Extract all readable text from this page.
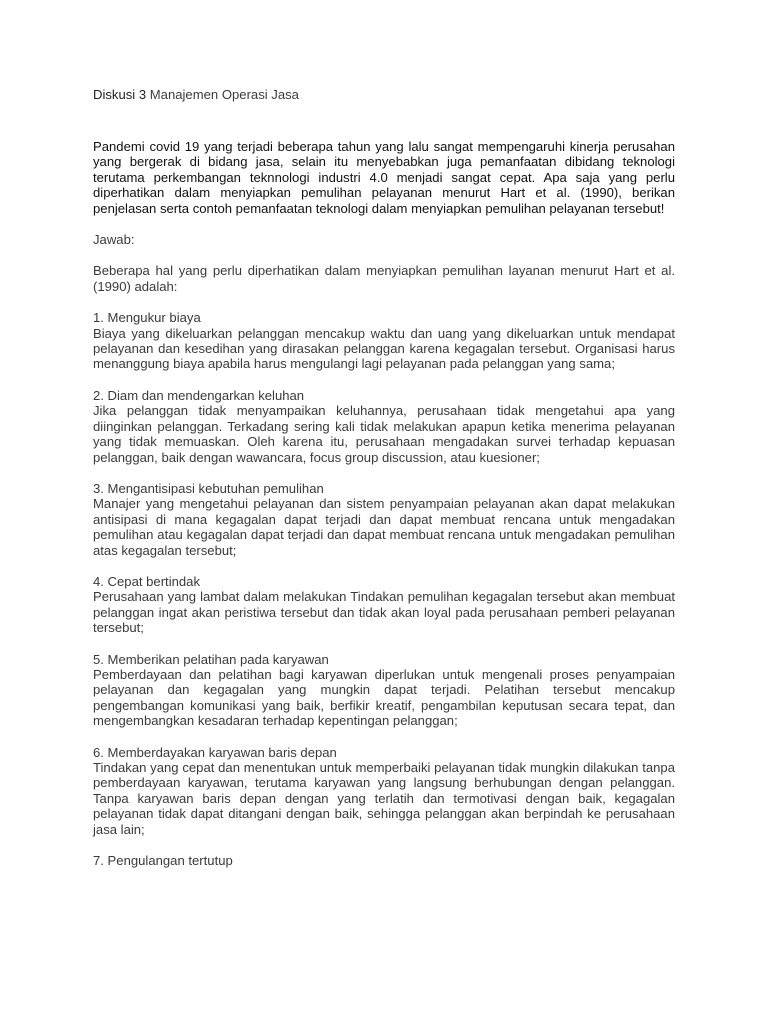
Diskusi 3 Manajemen Operasi Jasa

Pandemi covid 19 yang terjadi beberapa tahun yang lalu sangat mempengaruhi kinerja perusahan yang bergerak di bidang jasa, selain itu menyebabkan juga pemanfaatan dibidang teknologi terutama perkembangan teknnologi industri 4.0 menjadi sangat cepat. Apa saja yang perlu diperhatikan dalam menyiapkan pemulihan pelayanan menurut Hart et al. (1990), berikan penjelasan serta contoh pemanfaatan teknologi dalam menyiapkan pemulihan pelayanan tersebut!

Jawab:

Beberapa hal yang perlu diperhatikan dalam menyiapkan pemulihan layanan menurut Hart et al. (1990) adalah:

1. Mengukur biaya

Biaya yang dikeluarkan pelanggan mencakup waktu dan uang yang dikeluarkan untuk mendapat pelayanan dan kesedihan yang dirasakan pelanggan karena kegagalan tersebut. Organisasi harus menanggung biaya apabila harus mengulangi lagi pelayanan pada pelanggan yang sama;

2. Diam dan mendengarkan keluhan

Jika pelanggan tidak menyampaikan keluhannya, perusahaan tidak mengetahui apa yang diinginkan pelanggan. Terkadang sering kali tidak melakukan apapun ketika menerima pelayanan yang tidak memuaskan. Oleh karena itu, perusahaan mengadakan survei terhadap kepuasan pelanggan, baik dengan wawancara, focus group discussion, atau kuesioner;

3. Mengantisipasi kebutuhan pemulihan

Manajer yang mengetahui pelayanan dan sistem penyampaian pelayanan akan dapat melakukan antisipasi di mana kegagalan dapat terjadi dan dapat membuat rencana untuk mengadakan pemulihan atau kegagalan dapat terjadi dan dapat membuat rencana untuk mengadakan pemulihan atas kegagalan tersebut;

4. Cepat bertindak

Perusahaan yang lambat dalam melakukan Tindakan pemulihan kegagalan tersebut akan membuat pelanggan ingat akan peristiwa tersebut dan tidak akan loyal pada perusahaan pemberi pelayanan tersebut;

5. Memberikan pelatihan pada karyawan

Pemberdayaan dan pelatihan bagi karyawan diperlukan untuk mengenali proses penyampaian pelayanan dan kegagalan yang mungkin dapat terjadi. Pelatihan tersebut mencakup pengembangan komunikasi yang baik, berfikir kreatif, pengambilan keputusan secara tepat, dan mengembangkan kesadaran terhadap kepentingan pelanggan;

6. Memberdayakan karyawan baris depan

Tindakan yang cepat dan menentukan untuk memperbaiki pelayanan tidak mungkin dilakukan tanpa pemberdayaan karyawan, terutama karyawan yang langsung berhubungan dengan pelanggan. Tanpa karyawan baris depan dengan yang terlatih dan termotivasi dengan baik, kegagalan pelayanan tidak dapat ditangani dengan baik, sehingga pelanggan akan berpindah ke perusahaan jasa lain;

7. Pengulangan tertutup
